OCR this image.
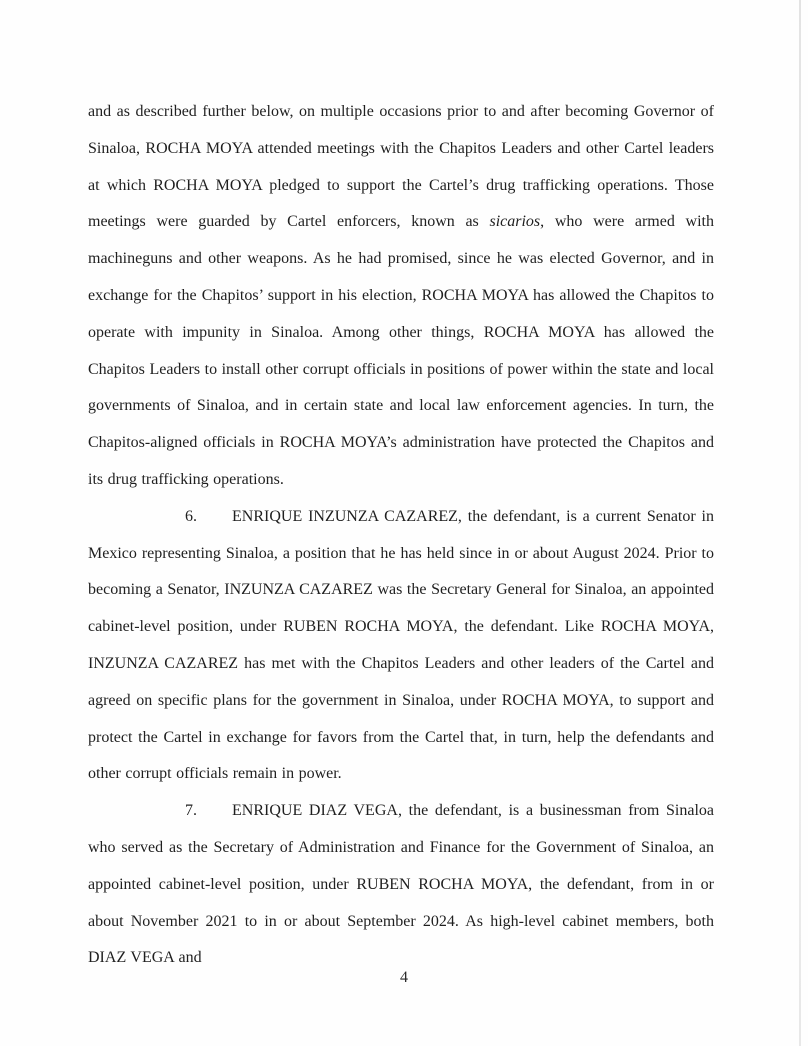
and as described further below, on multiple occasions prior to and after becoming Governor of Sinaloa, ROCHA MOYA attended meetings with the Chapitos Leaders and other Cartel leaders at which ROCHA MOYA pledged to support the Cartel’s drug trafficking operations. Those meetings were guarded by Cartel enforcers, known as sicarios, who were armed with machineguns and other weapons. As he had promised, since he was elected Governor, and in exchange for the Chapitos’ support in his election, ROCHA MOYA has allowed the Chapitos to operate with impunity in Sinaloa. Among other things, ROCHA MOYA has allowed the Chapitos Leaders to install other corrupt officials in positions of power within the state and local governments of Sinaloa, and in certain state and local law enforcement agencies. In turn, the Chapitos-aligned officials in ROCHA MOYA’s administration have protected the Chapitos and its drug trafficking operations.

6. ENRIQUE INZUNZA CAZAREZ, the defendant, is a current Senator in Mexico representing Sinaloa, a position that he has held since in or about August 2024. Prior to becoming a Senator, INZUNZA CAZAREZ was the Secretary General for Sinaloa, an appointed cabinet-level position, under RUBEN ROCHA MOYA, the defendant. Like ROCHA MOYA, INZUNZA CAZAREZ has met with the Chapitos Leaders and other leaders of the Cartel and agreed on specific plans for the government in Sinaloa, under ROCHA MOYA, to support and protect the Cartel in exchange for favors from the Cartel that, in turn, help the defendants and other corrupt officials remain in power.

7. ENRIQUE DIAZ VEGA, the defendant, is a businessman from Sinaloa who served as the Secretary of Administration and Finance for the Government of Sinaloa, an appointed cabinet-level position, under RUBEN ROCHA MOYA, the defendant, from in or about November 2021 to in or about September 2024. As high-level cabinet members, both DIAZ VEGA and

4
